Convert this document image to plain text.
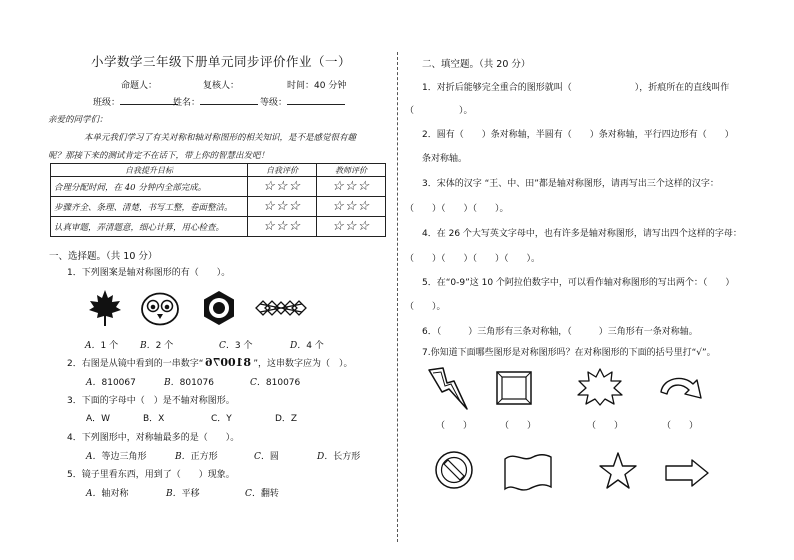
小学数学三年级下册单元同步评价作业（一）
命题人：	复核人：	时间：40 分钟
班级：	姓名：	等级：
亲爱的同学们：
本单元我们学习了有关对称和轴对称图形的相关知识，是不是感觉很有趣
呢？那接下来的测试肯定不在话下，带上你的智慧出发吧！
自我提升目标	自我评价	教师评价
合理分配时间，在 40 分钟内全部完成。	☆☆☆	☆☆☆
步骤齐全、条理、清楚，书写工整，卷面整洁。	☆☆☆	☆☆☆
认真审题，弄清题意，细心计算，用心检查。	☆☆☆	☆☆☆
一、选择题。（共 10 分）
1．下列图案是轴对称图形的有（　　）。
A．1 个 B．2 个	C．3 个	D．4 个
2．右图是从镜中看到的一串数字“ 810076 ”，这串数字应为（　）。
A．810067	B．801076	C．810076
3．下面的字母中（　）是不轴对称图形。
A．W	B．X	C．Y	D．Z
4．下列图形中，对称轴最多的是（　　）。
A．等边三角形	B．正方形	C．圆	D．长方形
5．镜子里看东西，用到了（　　）现象。
A．轴对称	B．平移	C．翻转
二、填空题。（共 20 分）
1．对折后能够完全重合的图形就叫（　　　　　　　），折痕所在的直线叫作
（　　　　　）。
2．圆有（　　）条对称轴，半圆有（　　）条对称轴，平行四边形有（　　）
条对称轴。
3．宋体的汉字 “王、中、田”都是轴对称图形，请再写出三个这样的汉字：
（　　）（　　）（　　）。
4．在 26 个大写英文字母中，也有许多是轴对称图形，请写出四个这样的字母：
（　　）（　　）（　　）（　　）。
5．在“0-9”这 10 个阿拉伯数字中，可以看作轴对称图形的写出两个：（　　）
（　　）。
6．（　　　）三角形有三条对称轴，（　　　）三角形有一条对称轴。
7.你知道下面哪些图形是对称图形吗？在对称图形的下面的括号里打“√”。
（　　）	（　　）	（　　）	（　　）
